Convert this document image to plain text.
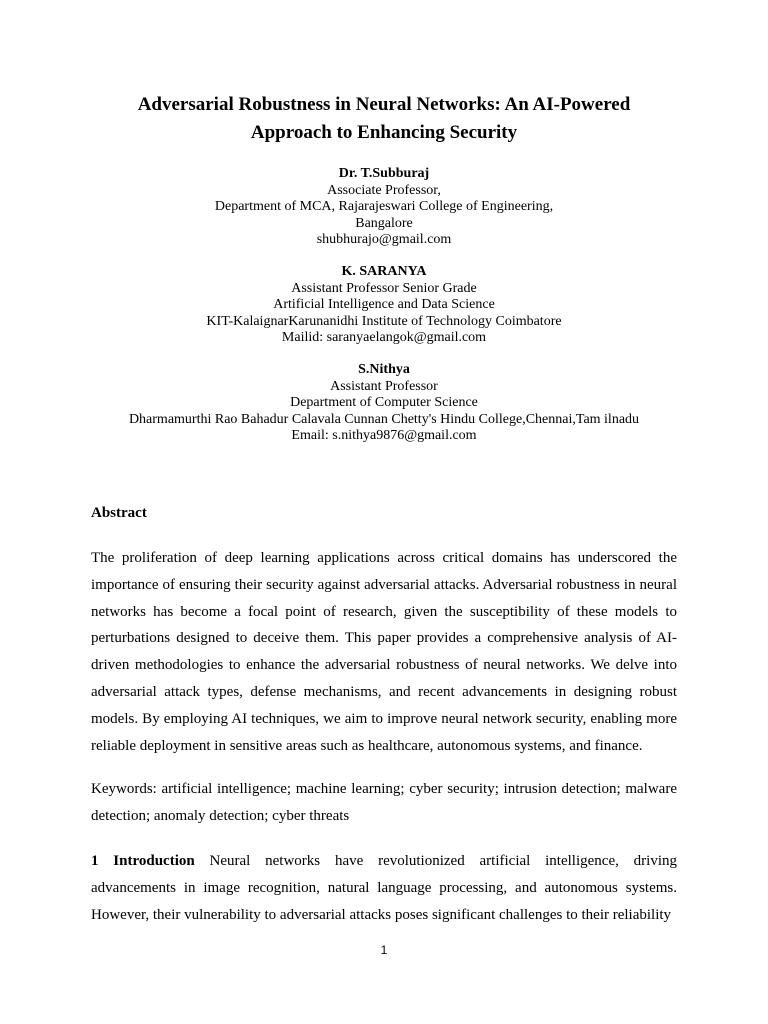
Adversarial Robustness in Neural Networks: An AI-Powered
Approach to Enhancing Security
Dr. T.Subburaj
Associate Professor,
Department of MCA, Rajarajeswari College of Engineering,
Bangalore
shubhurajo@gmail.com
K. SARANYA
Assistant Professor Senior Grade
Artificial Intelligence and Data Science
KIT-KalaignarKarunanidhi Institute of Technology Coimbatore
Mailid: saranyaelangok@gmail.com
S.Nithya
Assistant Professor
Department of Computer Science
Dharmamurthi Rao Bahadur Calavala Cunnan Chetty's Hindu College,Chennai,Tam ilnadu
Email: s.nithya9876@gmail.com
Abstract

The proliferation of deep learning applications across critical domains has underscored the importance of ensuring their security against adversarial attacks. Adversarial robustness in neural networks has become a focal point of research, given the susceptibility of these models to perturbations designed to deceive them. This paper provides a comprehensive analysis of AI-driven methodologies to enhance the adversarial robustness of neural networks. We delve into adversarial attack types, defense mechanisms, and recent advancements in designing robust models. By employing AI techniques, we aim to improve neural network security, enabling more reliable deployment in sensitive areas such as healthcare, autonomous systems, and finance.

Keywords: artificial intelligence; machine learning; cyber security; intrusion detection; malware detection; anomaly detection; cyber threats

1 Introduction Neural networks have revolutionized artificial intelligence, driving advancements in image recognition, natural language processing, and autonomous systems. However, their vulnerability to adversarial attacks poses significant challenges to their reliability

1
